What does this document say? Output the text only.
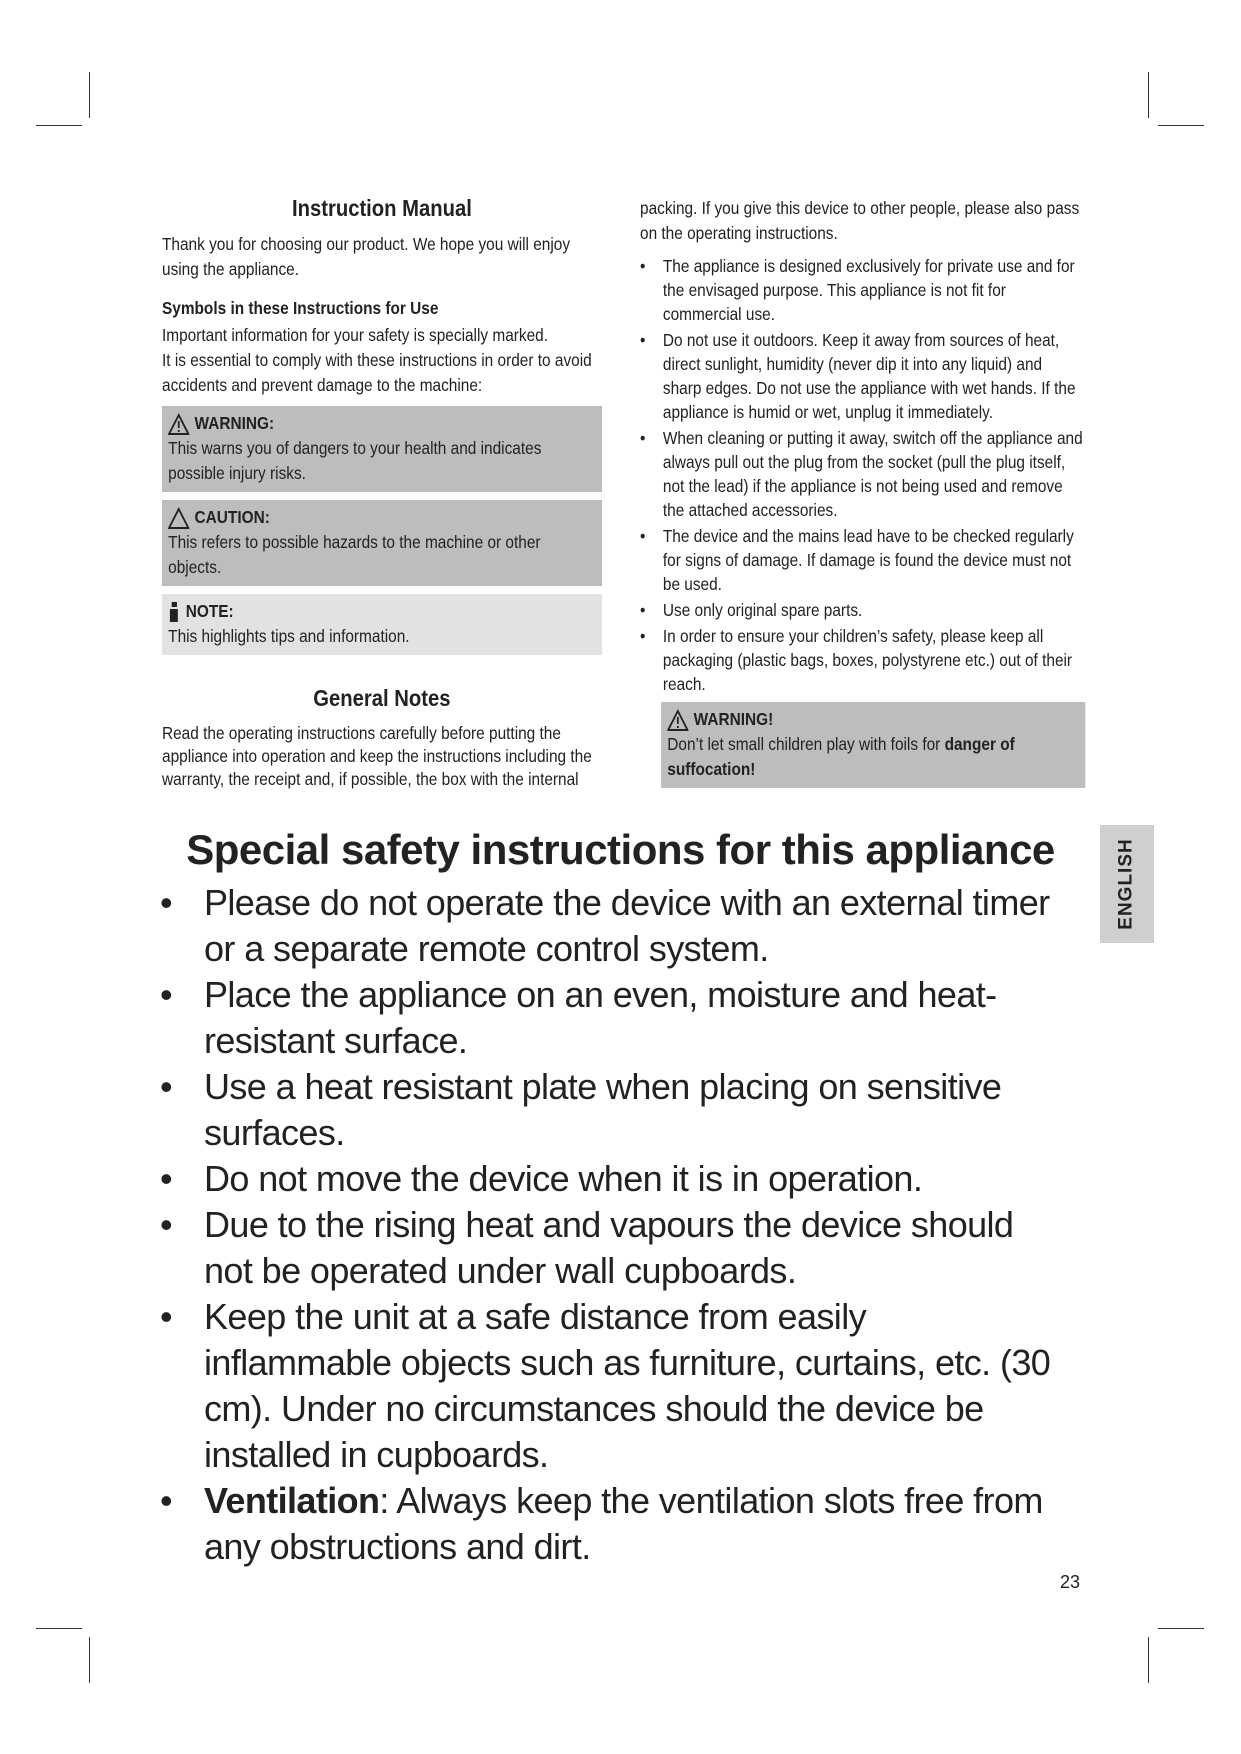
Instruction Manual

Thank you for choosing our product. We hope you will enjoy using the appliance.

Symbols in these Instructions for Use

Important information for your safety is specially marked.

It is essential to comply with these instructions in order to avoid accidents and prevent damage to the machine:

WARNING:
This warns you of dangers to your health and indicates possible injury risks.
CAUTION:
This refers to possible hazards to the machine or other objects.
NOTE:
This highlights tips and information.
General Notes

Read the operating instructions carefully before putting the appliance into operation and keep the instructions including the warranty, the receipt and, if possible, the box with the internal

packing. If you give this device to other people, please also pass on the operating instructions.

• The appliance is designed exclusively for private use and for the envisaged purpose. This appliance is not fit for commercial use.
• Do not use it outdoors. Keep it away from sources of heat, direct sunlight, humidity (never dip it into any liquid) and sharp edges. Do not use the appliance with wet hands. If the appliance is humid or wet, unplug it immediately.
• When cleaning or putting it away, switch off the appliance and always pull out the plug from the socket (pull the plug itself, not the lead) if the appliance is not being used and remove the attached accessories.
• The device and the mains lead have to be checked regularly for signs of damage. If damage is found the device must not be used.
• Use only original spare parts.
• In order to ensure your children’s safety, please keep all packaging (plastic bags, boxes, polystyrene etc.) out of their reach.
WARNING!
Don’t let small children play with foils for danger of suffocation!
Special safety instructions for this appliance
• Please do not operate the device with an external timer or a separate remote control system.
• Place the appliance on an even, moisture and heat-resistant surface.
• Use a heat resistant plate when placing on sensitive surfaces.
• Do not move the device when it is in operation.
• Due to the rising heat and vapours the device should not be operated under wall cupboards.
• Keep the unit at a safe distance from easily inflammable objects such as furniture, curtains, etc. (30 cm). Under no circumstances should the device be installed in cupboards.
• Ventilation: Always keep the ventilation slots free from any obstructions and dirt.
ENGLISH
23
